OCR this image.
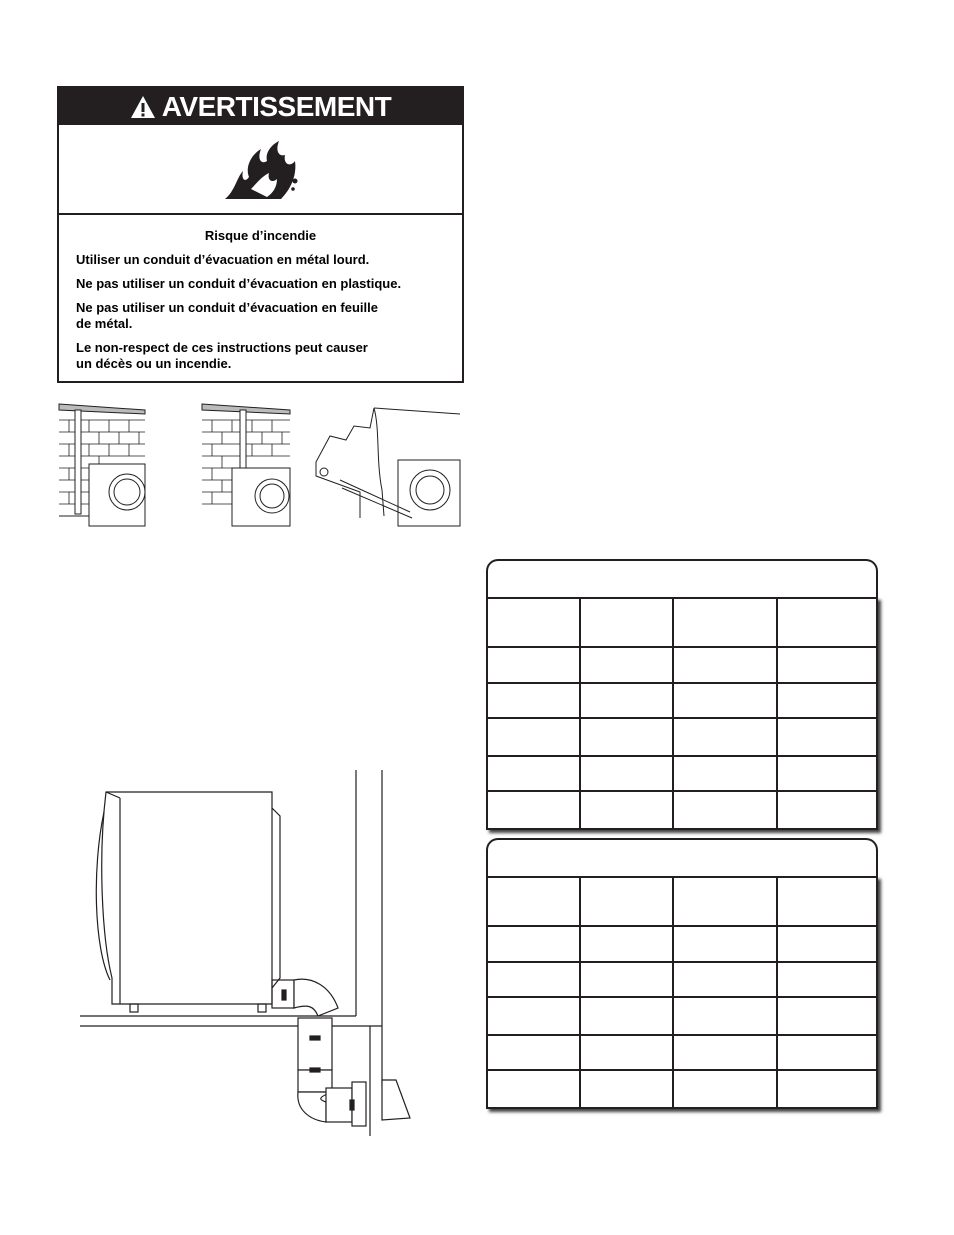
AVERTISSEMENT
Risque d’incendie
Utiliser un conduit d’évacuation en métal lourd.
Ne pas utiliser un conduit d’évacuation en plastique.
Ne pas utiliser un conduit d’évacuation en feuille
de métal.
Le non-respect de ces instructions peut causer
un décès ou un incendie.
